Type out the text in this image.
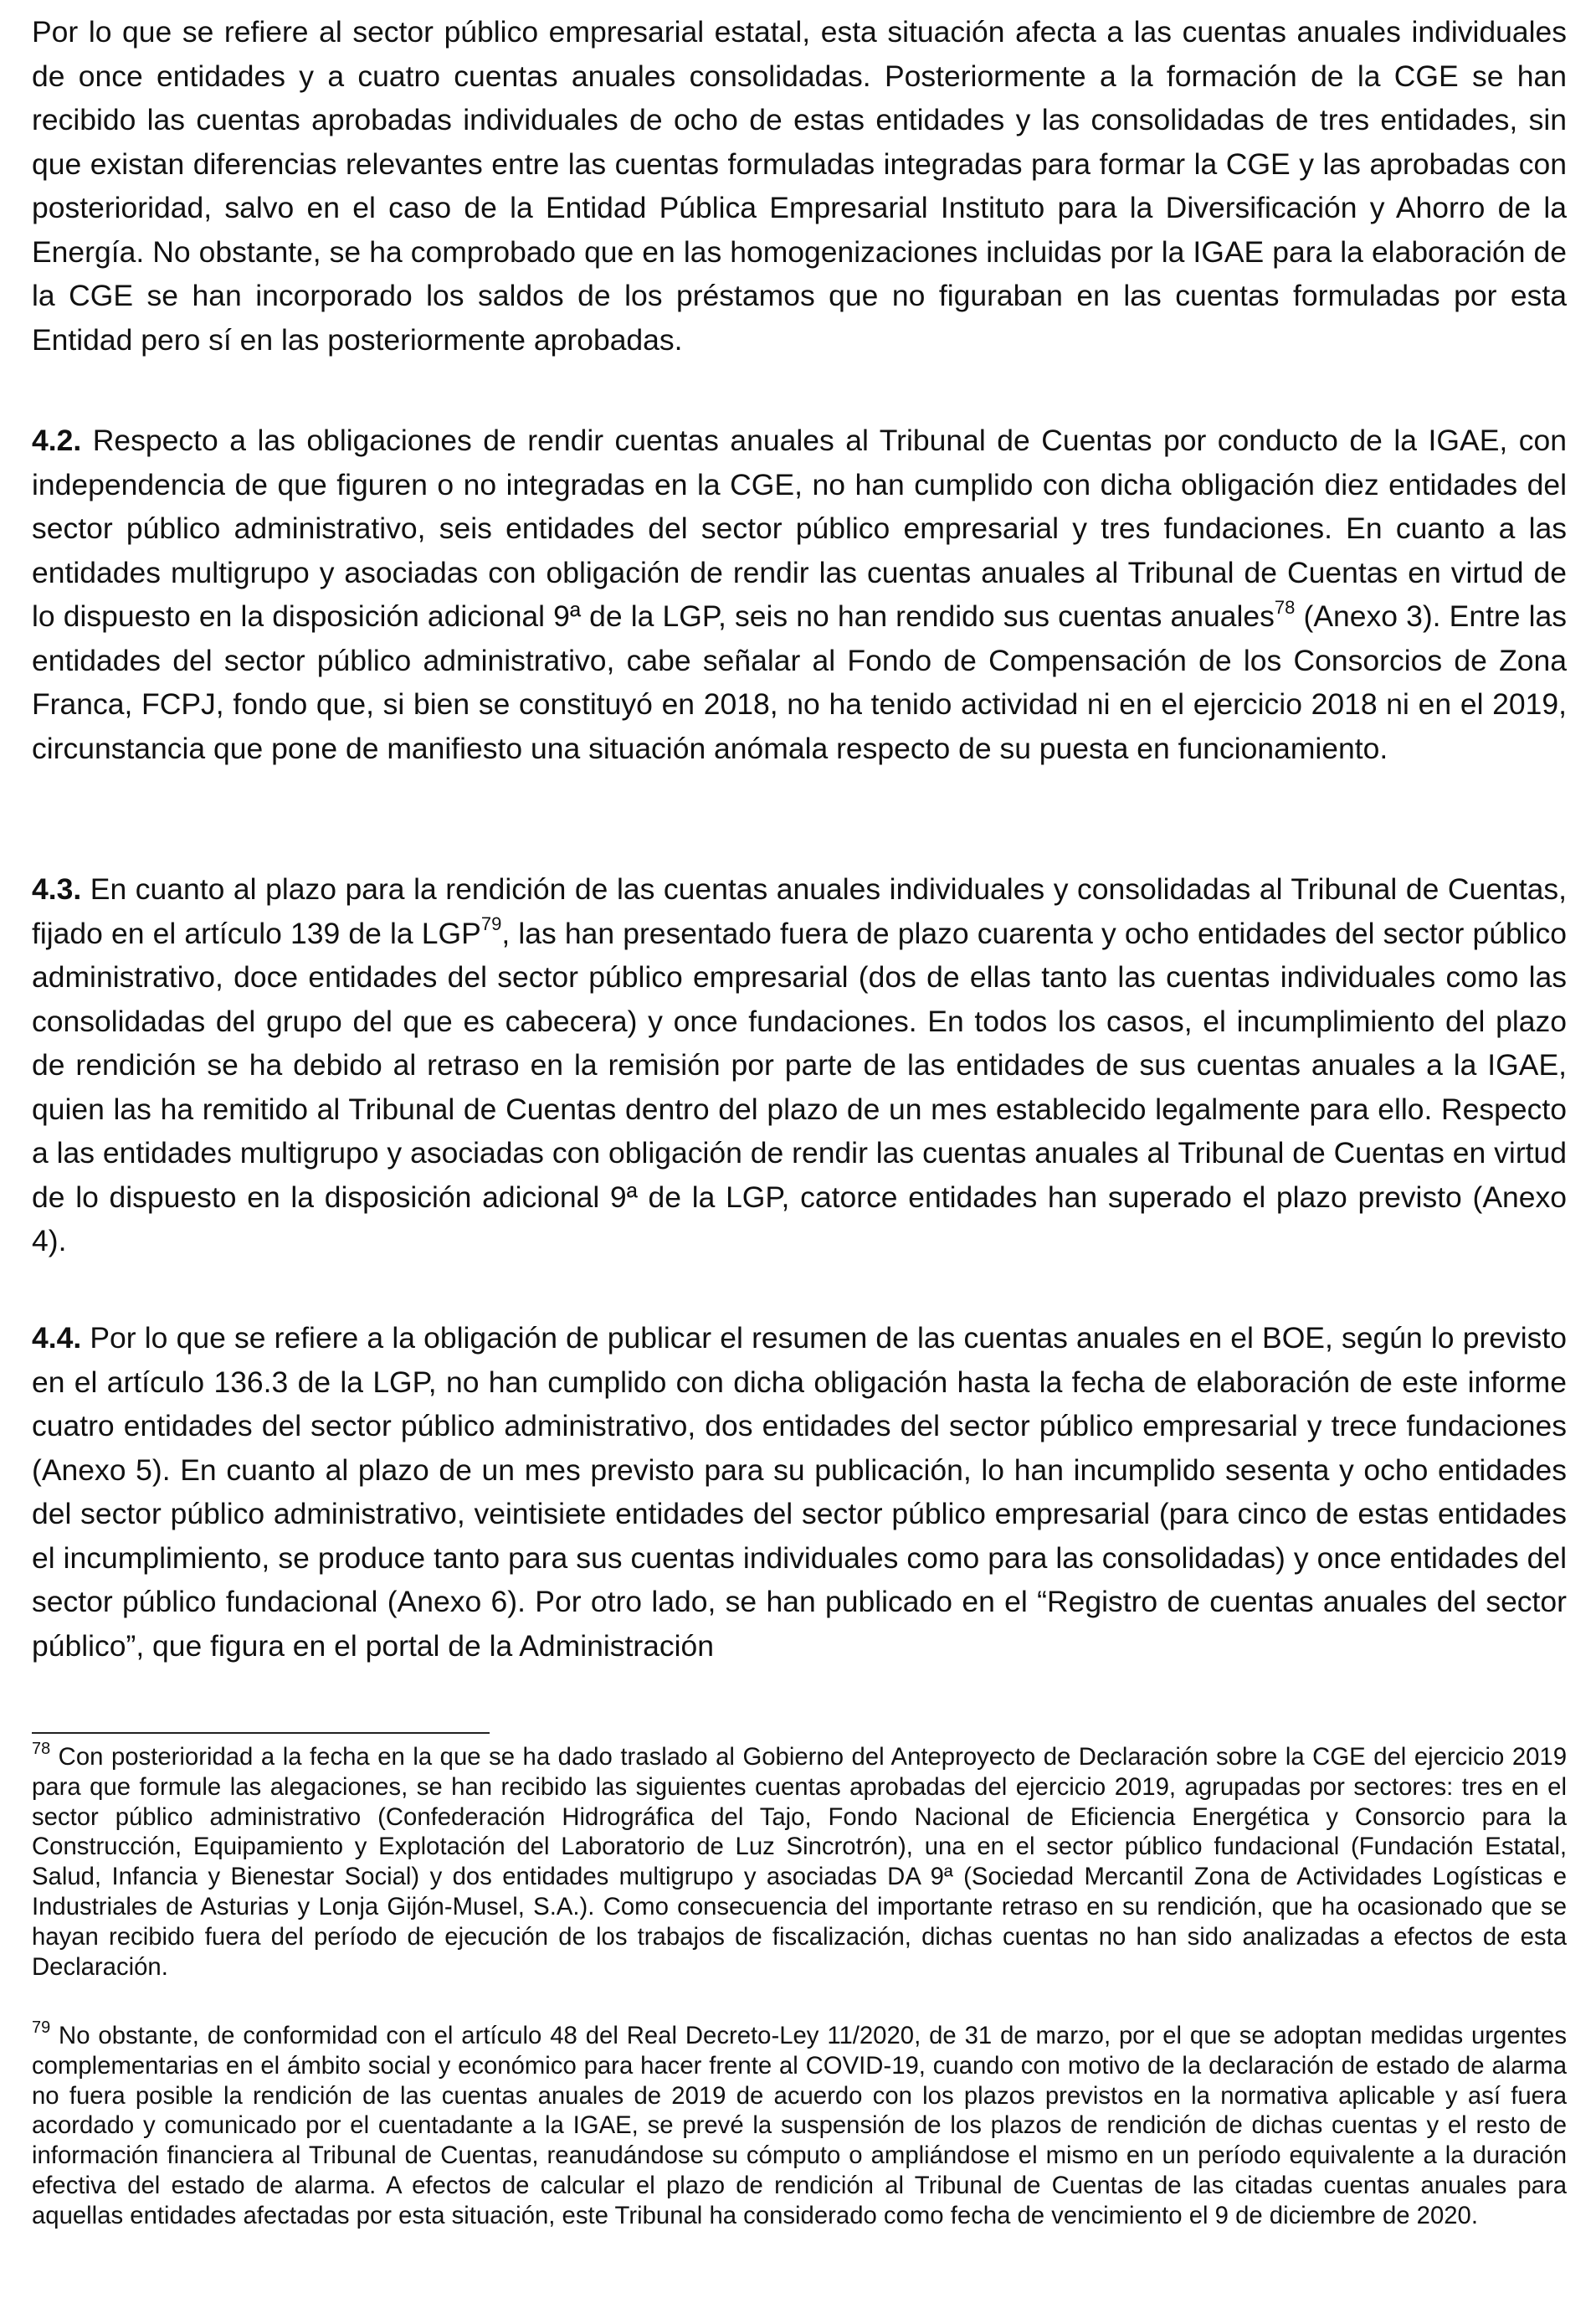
Por lo que se refiere al sector público empresarial estatal, esta situación afecta a las cuentas anuales individuales de once entidades y a cuatro cuentas anuales consolidadas. Posteriormente a la formación de la CGE se han recibido las cuentas aprobadas individuales de ocho de estas entidades y las consolidadas de tres entidades, sin que existan diferencias relevantes entre las cuentas formuladas integradas para formar la CGE y las aprobadas con posterioridad, salvo en el caso de la Entidad Pública Empresarial Instituto para la Diversificación y Ahorro de la Energía. No obstante, se ha comprobado que en las homogenizaciones incluidas por la IGAE para la elaboración de la CGE se han incorporado los saldos de los préstamos que no figuraban en las cuentas formuladas por esta Entidad pero sí en las posteriormente aprobadas.

4.2. Respecto a las obligaciones de rendir cuentas anuales al Tribunal de Cuentas por conducto de la IGAE, con independencia de que figuren o no integradas en la CGE, no han cumplido con dicha obligación diez entidades del sector público administrativo, seis entidades del sector público empresarial y tres fundaciones. En cuanto a las entidades multigrupo y asociadas con obligación de rendir las cuentas anuales al Tribunal de Cuentas en virtud de lo dispuesto en la disposición adicional 9ª de la LGP, seis no han rendido sus cuentas anuales$^{78}$ (Anexo 3). Entre las entidades del sector público administrativo, cabe señalar al Fondo de Compensación de los Consorcios de Zona Franca, FCPJ, fondo que, si bien se constituyó en 2018, no ha tenido actividad ni en el ejercicio 2018 ni en el 2019, circunstancia que pone de manifiesto una situación anómala respecto de su puesta en funcionamiento.

4.3. En cuanto al plazo para la rendición de las cuentas anuales individuales y consolidadas al Tribunal de Cuentas, fijado en el artículo 139 de la LGP$^{79}$, las han presentado fuera de plazo cuarenta y ocho entidades del sector público administrativo, doce entidades del sector público empresarial (dos de ellas tanto las cuentas individuales como las consolidadas del grupo del que es cabecera) y once fundaciones. En todos los casos, el incumplimiento del plazo de rendición se ha debido al retraso en la remisión por parte de las entidades de sus cuentas anuales a la IGAE, quien las ha remitido al Tribunal de Cuentas dentro del plazo de un mes establecido legalmente para ello. Respecto a las entidades multigrupo y asociadas con obligación de rendir las cuentas anuales al Tribunal de Cuentas en virtud de lo dispuesto en la disposición adicional 9ª de la LGP, catorce entidades han superado el plazo previsto (Anexo 4).

4.4. Por lo que se refiere a la obligación de publicar el resumen de las cuentas anuales en el BOE, según lo previsto en el artículo 136.3 de la LGP, no han cumplido con dicha obligación hasta la fecha de elaboración de este informe cuatro entidades del sector público administrativo, dos entidades del sector público empresarial y trece fundaciones (Anexo 5). En cuanto al plazo de un mes previsto para su publicación, lo han incumplido sesenta y ocho entidades del sector público administrativo, veintisiete entidades del sector público empresarial (para cinco de estas entidades el incumplimiento, se produce tanto para sus cuentas individuales como para las consolidadas) y once entidades del sector público fundacional (Anexo 6). Por otro lado, se han publicado en el “Registro de cuentas anuales del sector público”, que figura en el portal de la Administración

$^{78}$ Con posterioridad a la fecha en la que se ha dado traslado al Gobierno del Anteproyecto de Declaración sobre la CGE del ejercicio 2019 para que formule las alegaciones, se han recibido las siguientes cuentas aprobadas del ejercicio 2019, agrupadas por sectores: tres en el sector público administrativo (Confederación Hidrográfica del Tajo, Fondo Nacional de Eficiencia Energética y Consorcio para la Construcción, Equipamiento y Explotación del Laboratorio de Luz Sincrotrón), una en el sector público fundacional (Fundación Estatal, Salud, Infancia y Bienestar Social) y dos entidades multigrupo y asociadas DA 9ª (Sociedad Mercantil Zona de Actividades Logísticas e Industriales de Asturias y Lonja Gijón-Musel, S.A.). Como consecuencia del importante retraso en su rendición, que ha ocasionado que se hayan recibido fuera del período de ejecución de los trabajos de fiscalización, dichas cuentas no han sido analizadas a efectos de esta Declaración.

$^{79}$ No obstante, de conformidad con el artículo 48 del Real Decreto-Ley 11/2020, de 31 de marzo, por el que se adoptan medidas urgentes complementarias en el ámbito social y económico para hacer frente al COVID-19, cuando con motivo de la declaración de estado de alarma no fuera posible la rendición de las cuentas anuales de 2019 de acuerdo con los plazos previstos en la normativa aplicable y así fuera acordado y comunicado por el cuentadante a la IGAE, se prevé la suspensión de los plazos de rendición de dichas cuentas y el resto de información financiera al Tribunal de Cuentas, reanudándose su cómputo o ampliándose el mismo en un período equivalente a la duración efectiva del estado de alarma. A efectos de calcular el plazo de rendición al Tribunal de Cuentas de las citadas cuentas anuales para aquellas entidades afectadas por esta situación, este Tribunal ha considerado como fecha de vencimiento el 9 de diciembre de 2020.
